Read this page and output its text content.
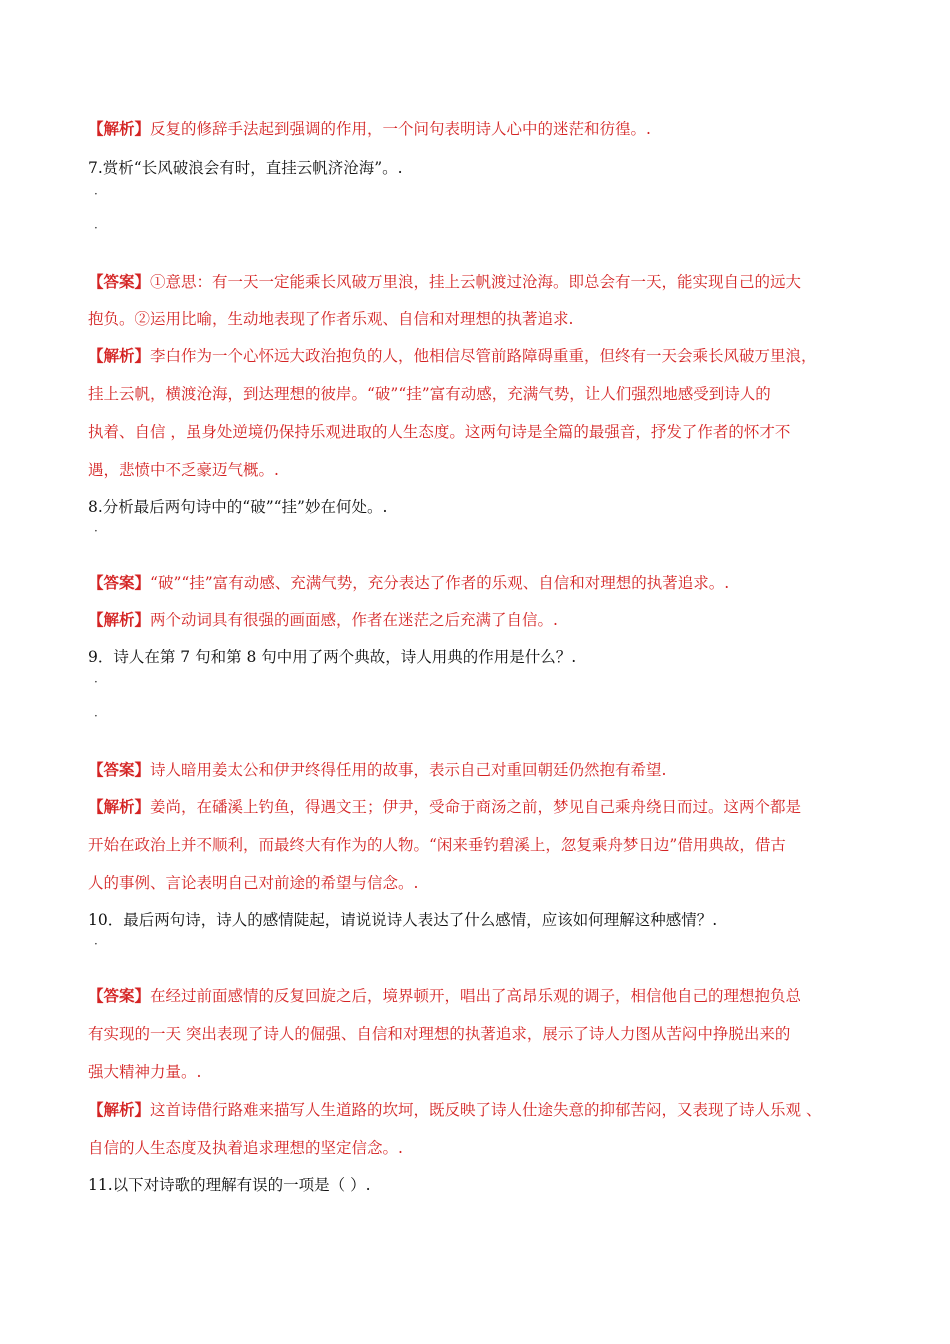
【解析】反复的修辞手法起到强调的作用，一个问句表明诗人心中的迷茫和彷徨。.
7.赏析“长风破浪会有时，直挂云帆济沧海”。.
·
·
【答案】①意思：有一天一定能乘长风破万里浪，挂上云帆渡过沧海。即总会有一天，能实现自己的远大
抱负。②运用比喻，生动地表现了作者乐观、自信和对理想的执著追求.
【解析】李白作为一个心怀远大政治抱负的人，他相信尽管前路障碍重重，但终有一天会乘长风破万里浪，
挂上云帆，横渡沧海，到达理想的彼岸。“破”“挂”富有动感，充满气势，让人们强烈地感受到诗人的
执着、自信 ，虽身处逆境仍保持乐观进取的人生态度。这两句诗是全篇的最强音，抒发了作者的怀才不
遇，悲愤中不乏豪迈气概。.
8.分析最后两句诗中的“破”“挂”妙在何处。.
·
【答案】“破”“挂”富有动感、充满气势，充分表达了作者的乐观、自信和对理想的执著追求。.
【解析】两个动词具有很强的画面感，作者在迷茫之后充满了自信。.
9．诗人在第 7 句和第 8 句中用了两个典故，诗人用典的作用是什么？.
·
·
【答案】诗人暗用姜太公和伊尹终得任用的故事，表示自己对重回朝廷仍然抱有希望.
【解析】姜尚，在磻溪上钓鱼，得遇文王；伊尹，受命于商汤之前，梦见自己乘舟绕日而过。这两个都是
开始在政治上并不顺利，而最终大有作为的人物。“闲来垂钓碧溪上，忽复乘舟梦日边”借用典故，借古
人的事例、言论表明自己对前途的希望与信念。.
10．最后两句诗，诗人的感情陡起，请说说诗人表达了什么感情，应该如何理解这种感情？.
·
【答案】在经过前面感情的反复回旋之后，境界顿开，唱出了高昂乐观的调子，相信他自己的理想抱负总
有实现的一天 突出表现了诗人的倔强、自信和对理想的执著追求，展示了诗人力图从苦闷中挣脱出来的
强大精神力量。.
【解析】这首诗借行路难来描写人生道路的坎坷，既反映了诗人仕途失意的抑郁苦闷，又表现了诗人乐观 、
自信的人生态度及执着追求理想的坚定信念。.
11.以下对诗歌的理解有误的一项是（ ）.
